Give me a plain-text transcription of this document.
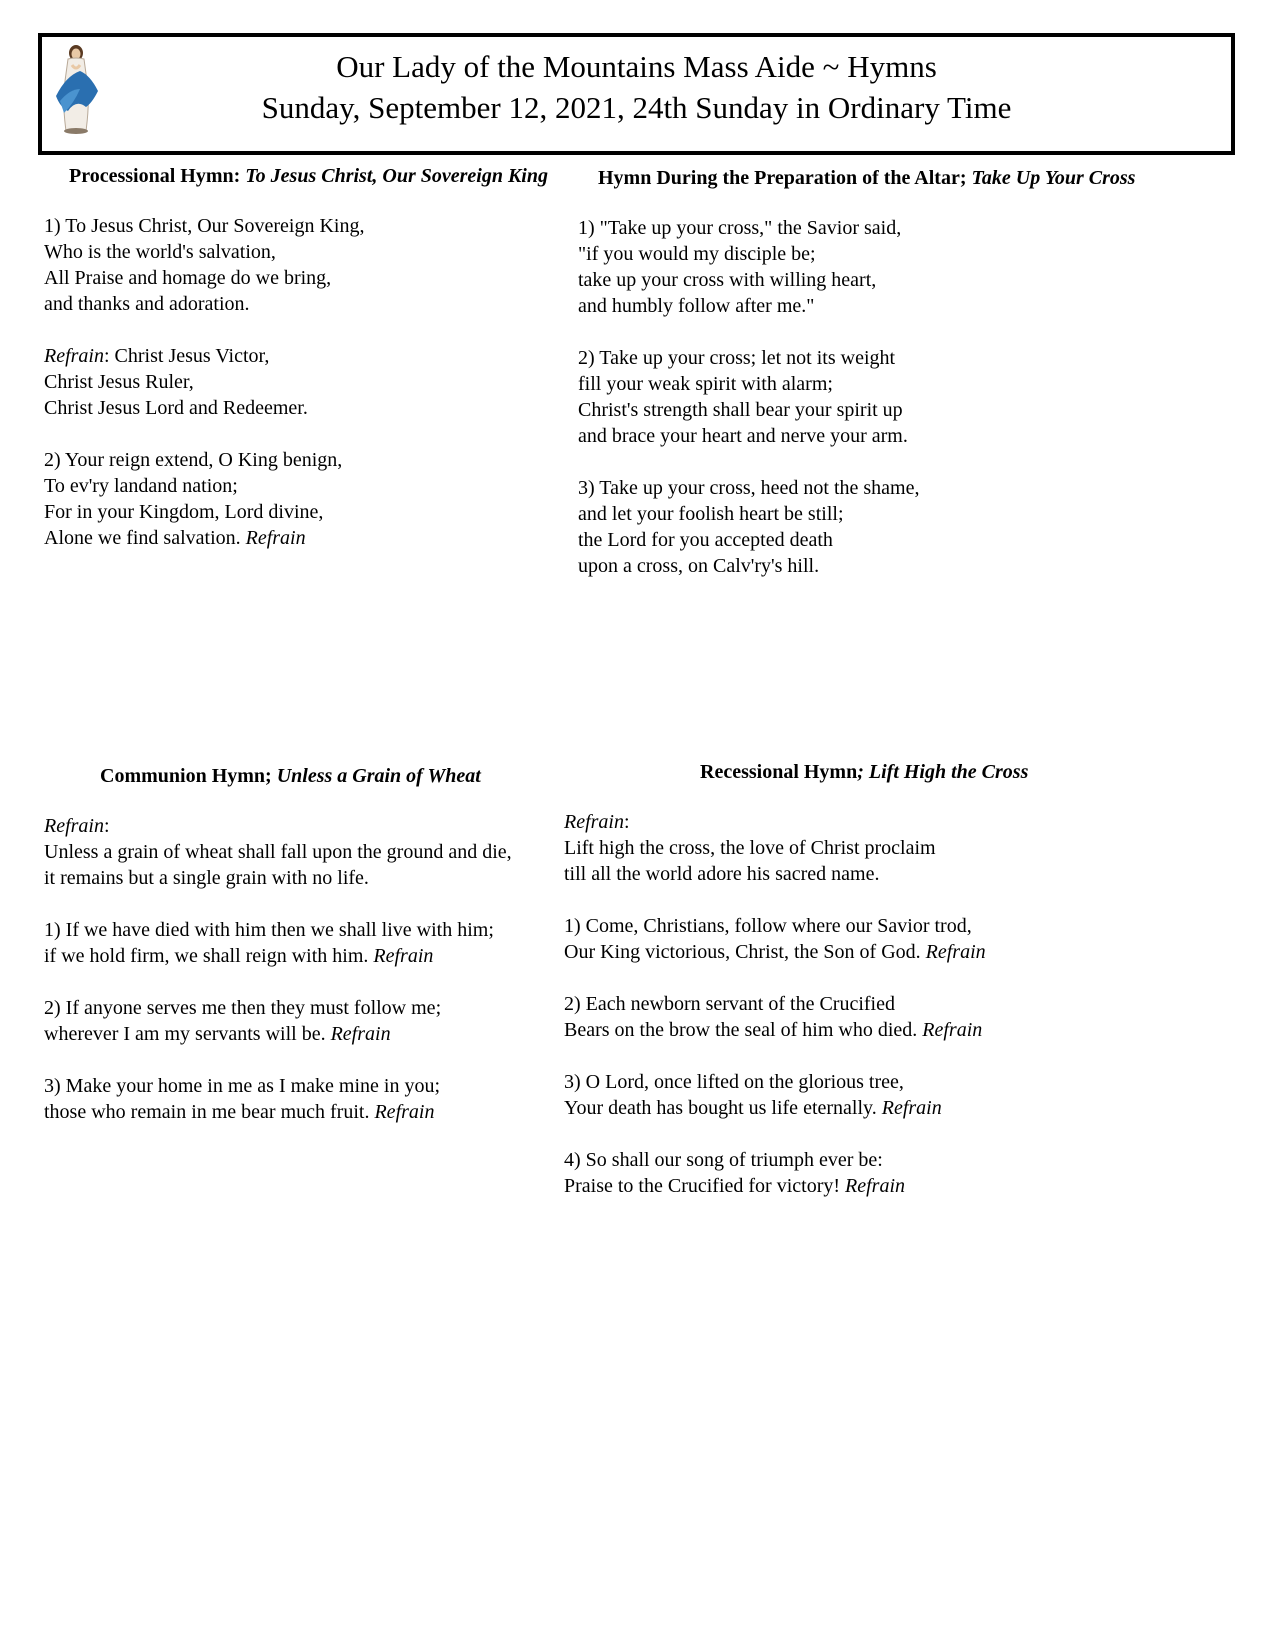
Our Lady of the Mountains Mass Aide ~ Hymns
Sunday, September 12, 2021, 24th Sunday in Ordinary Time
Processional Hymn: To Jesus Christ, Our Sovereign King
1) To Jesus Christ, Our Sovereign King,
Who is the world's salvation,
All Praise and homage do we bring,
and thanks and adoration.
Refrain: Christ Jesus Victor,
Christ Jesus Ruler,
Christ Jesus Lord and Redeemer.
2) Your reign extend, O King benign,
To ev'ry landand nation;
For in your Kingdom, Lord divine,
Alone we find salvation. Refrain
Hymn During the Preparation of the Altar; Take Up Your Cross
1) "Take up your cross," the Savior said,
"if you would my disciple be;
take up your cross with willing heart,
and humbly follow after me."
2) Take up your cross; let not its weight
fill your weak spirit with alarm;
Christ's strength shall bear your spirit up
and brace your heart and nerve your arm.
3) Take up your cross, heed not the shame,
and let your foolish heart be still;
the Lord for you accepted death
upon a cross, on Calv'ry's hill.
Communion Hymn; Unless a Grain of Wheat
Refrain:
Unless a grain of wheat shall fall upon the ground and die,
it remains but a single grain with no life.
1) If we have died with him then we shall live with him;
if we hold firm, we shall reign with him. Refrain
2) If anyone serves me then they must follow me;
wherever I am my servants will be. Refrain
3) Make your home in me as I make mine in you;
those who remain in me bear much fruit. Refrain
Recessional Hymn; Lift High the Cross
Refrain:
Lift high the cross, the love of Christ proclaim
till all the world adore his sacred name.
1) Come, Christians, follow where our Savior trod,
Our King victorious, Christ, the Son of God. Refrain
2) Each newborn servant of the Crucified
Bears on the brow the seal of him who died. Refrain
3) O Lord, once lifted on the glorious tree,
Your death has bought us life eternally. Refrain
4) So shall our song of triumph ever be:
Praise to the Crucified for victory! Refrain
